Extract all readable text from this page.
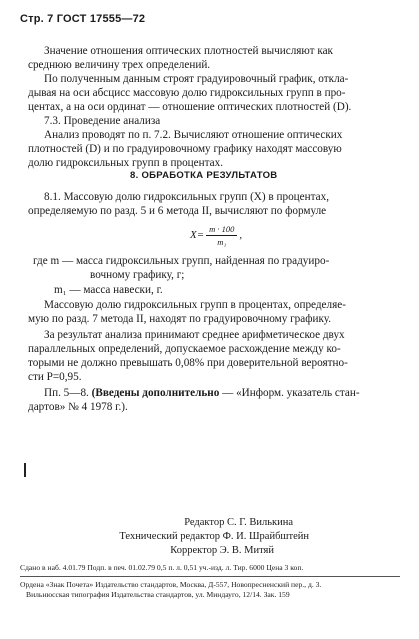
Стр. 7 ГОСТ 17555—72
Значение отношения оптических плотностей вычисляют как
среднюю величину трех определений.
По полученным данным строят градуировочный график, откла-
дывая на оси абсцисс массовую долю гидроксильных групп в про-
центах, а на оси ординат — отношение оптических плотностей (D).
7.3. Проведение анализа
Анализ проводят по п. 7.2. Вычисляют отношение оптических
плотностей (D) и по градуировочному графику находят массовую
долю гидроксильных групп в процентах.
8. ОБРАБОТКА РЕЗУЛЬТАТОВ
8.1. Массовую долю гидроксильных групп (X) в процентах,
определяемую по разд. 5 и 6 метода II, вычисляют по формуле
$X= \frac{m \cdot 100}{\text{m₁}}$ ,
где m — масса гидроксильных групп, найденная по градуиро-
вочному графику, г;
m₁ — масса навески, г.
Массовую долю гидроксильных групп в процентах, определяе-
мую по разд. 7 метода II, находят по градуировочному графику.
За результат анализа принимают среднее арифметическое двух
параллельных определений, допускаемое расхождение между ко-
торыми не должно превышать 0,08% при доверительной вероятно-
сти P=0,95.
Пп. 5—8. (Введены дополнительно — «Информ. указатель стан-
дартов» № 4 1978 г.).
Редактор С. Г. Вилькина
Технический редактор Ф. И. Шрайбштейн
Корректор Э. В. Митяй
Сдано в наб. 4.01.79 Подп. в печ. 01.02.79 0,5 п. л. 0,51 уч.-изд. л. Тир. 6000 Цена 3 коп.
Ордена «Знак Почета» Издательство стандартов, Москва, Д-557, Новопресненский пер., д. 3.
Вильнюсская типография Издательства стандартов, ул. Миндауго, 12/14. Зак. 159
